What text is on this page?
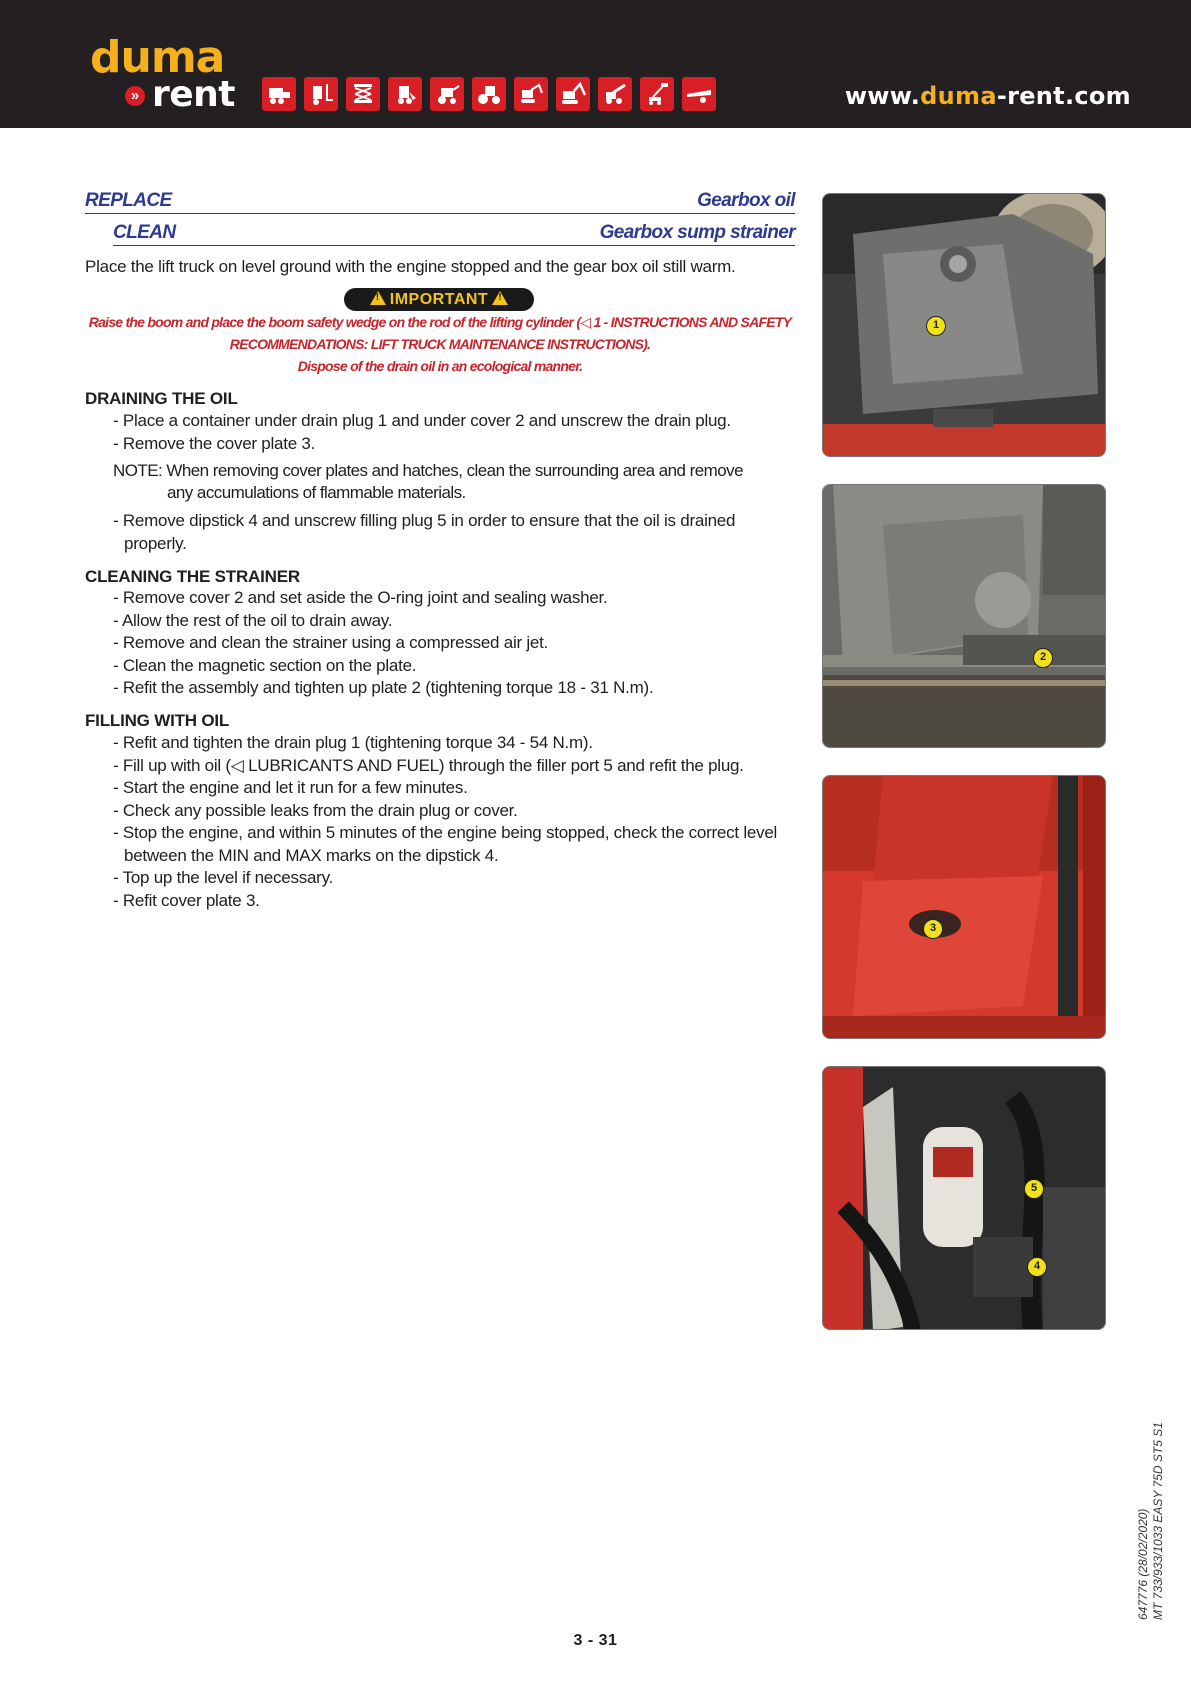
duma
» rent	www.duma-rent.com
REPLACE	Gearbox oil
CLEAN	Gearbox sump strainer
Place the lift truck on level ground with the engine stopped and the gear box oil still warm.
!IMPORTANT!
Raise the boom and place the boom safety wedge on the rod of the lifting cylinder (◁ 1 - INSTRUCTIONS AND SAFETY
RECOMMENDATIONS: LIFT TRUCK MAINTENANCE INSTRUCTIONS).
Dispose of the drain oil in an ecological manner.
DRAINING THE OIL
- Place a container under drain plug 1 and under cover 2 and unscrew the drain plug.
- Remove the cover plate 3.
NOTE: When removing cover plates and hatches, clean the surrounding area and remove
any accumulations of flammable materials.
- Remove dipstick 4 and unscrew filling plug 5 in order to ensure that the oil is drained properly.
CLEANING THE STRAINER
- Remove cover 2 and set aside the O-ring joint and sealing washer.
- Allow the rest of the oil to drain away.
- Remove and clean the strainer using a compressed air jet.
- Clean the magnetic section on the plate.
- Refit the assembly and tighten up plate 2 (tightening torque 18 - 31 N.m).
FILLING WITH OIL
- Refit and tighten the drain plug 1 (tightening torque 34 - 54 N.m).
- Fill up with oil (◁ LUBRICANTS AND FUEL) through the filler port 5 and refit the plug.
- Start the engine and let it run for a few minutes.
- Check any possible leaks from the drain plug or cover.
- Stop the engine, and within 5 minutes of the engine being stopped, check the correct level between the MIN and MAX marks on the dipstick 4.
- Top up the level if necessary.
- Refit cover plate 3.
1
2
3
5
4
3 - 31
647776 (28/02/2020) MT 733/933/1033 EASY 75D ST5 S1
